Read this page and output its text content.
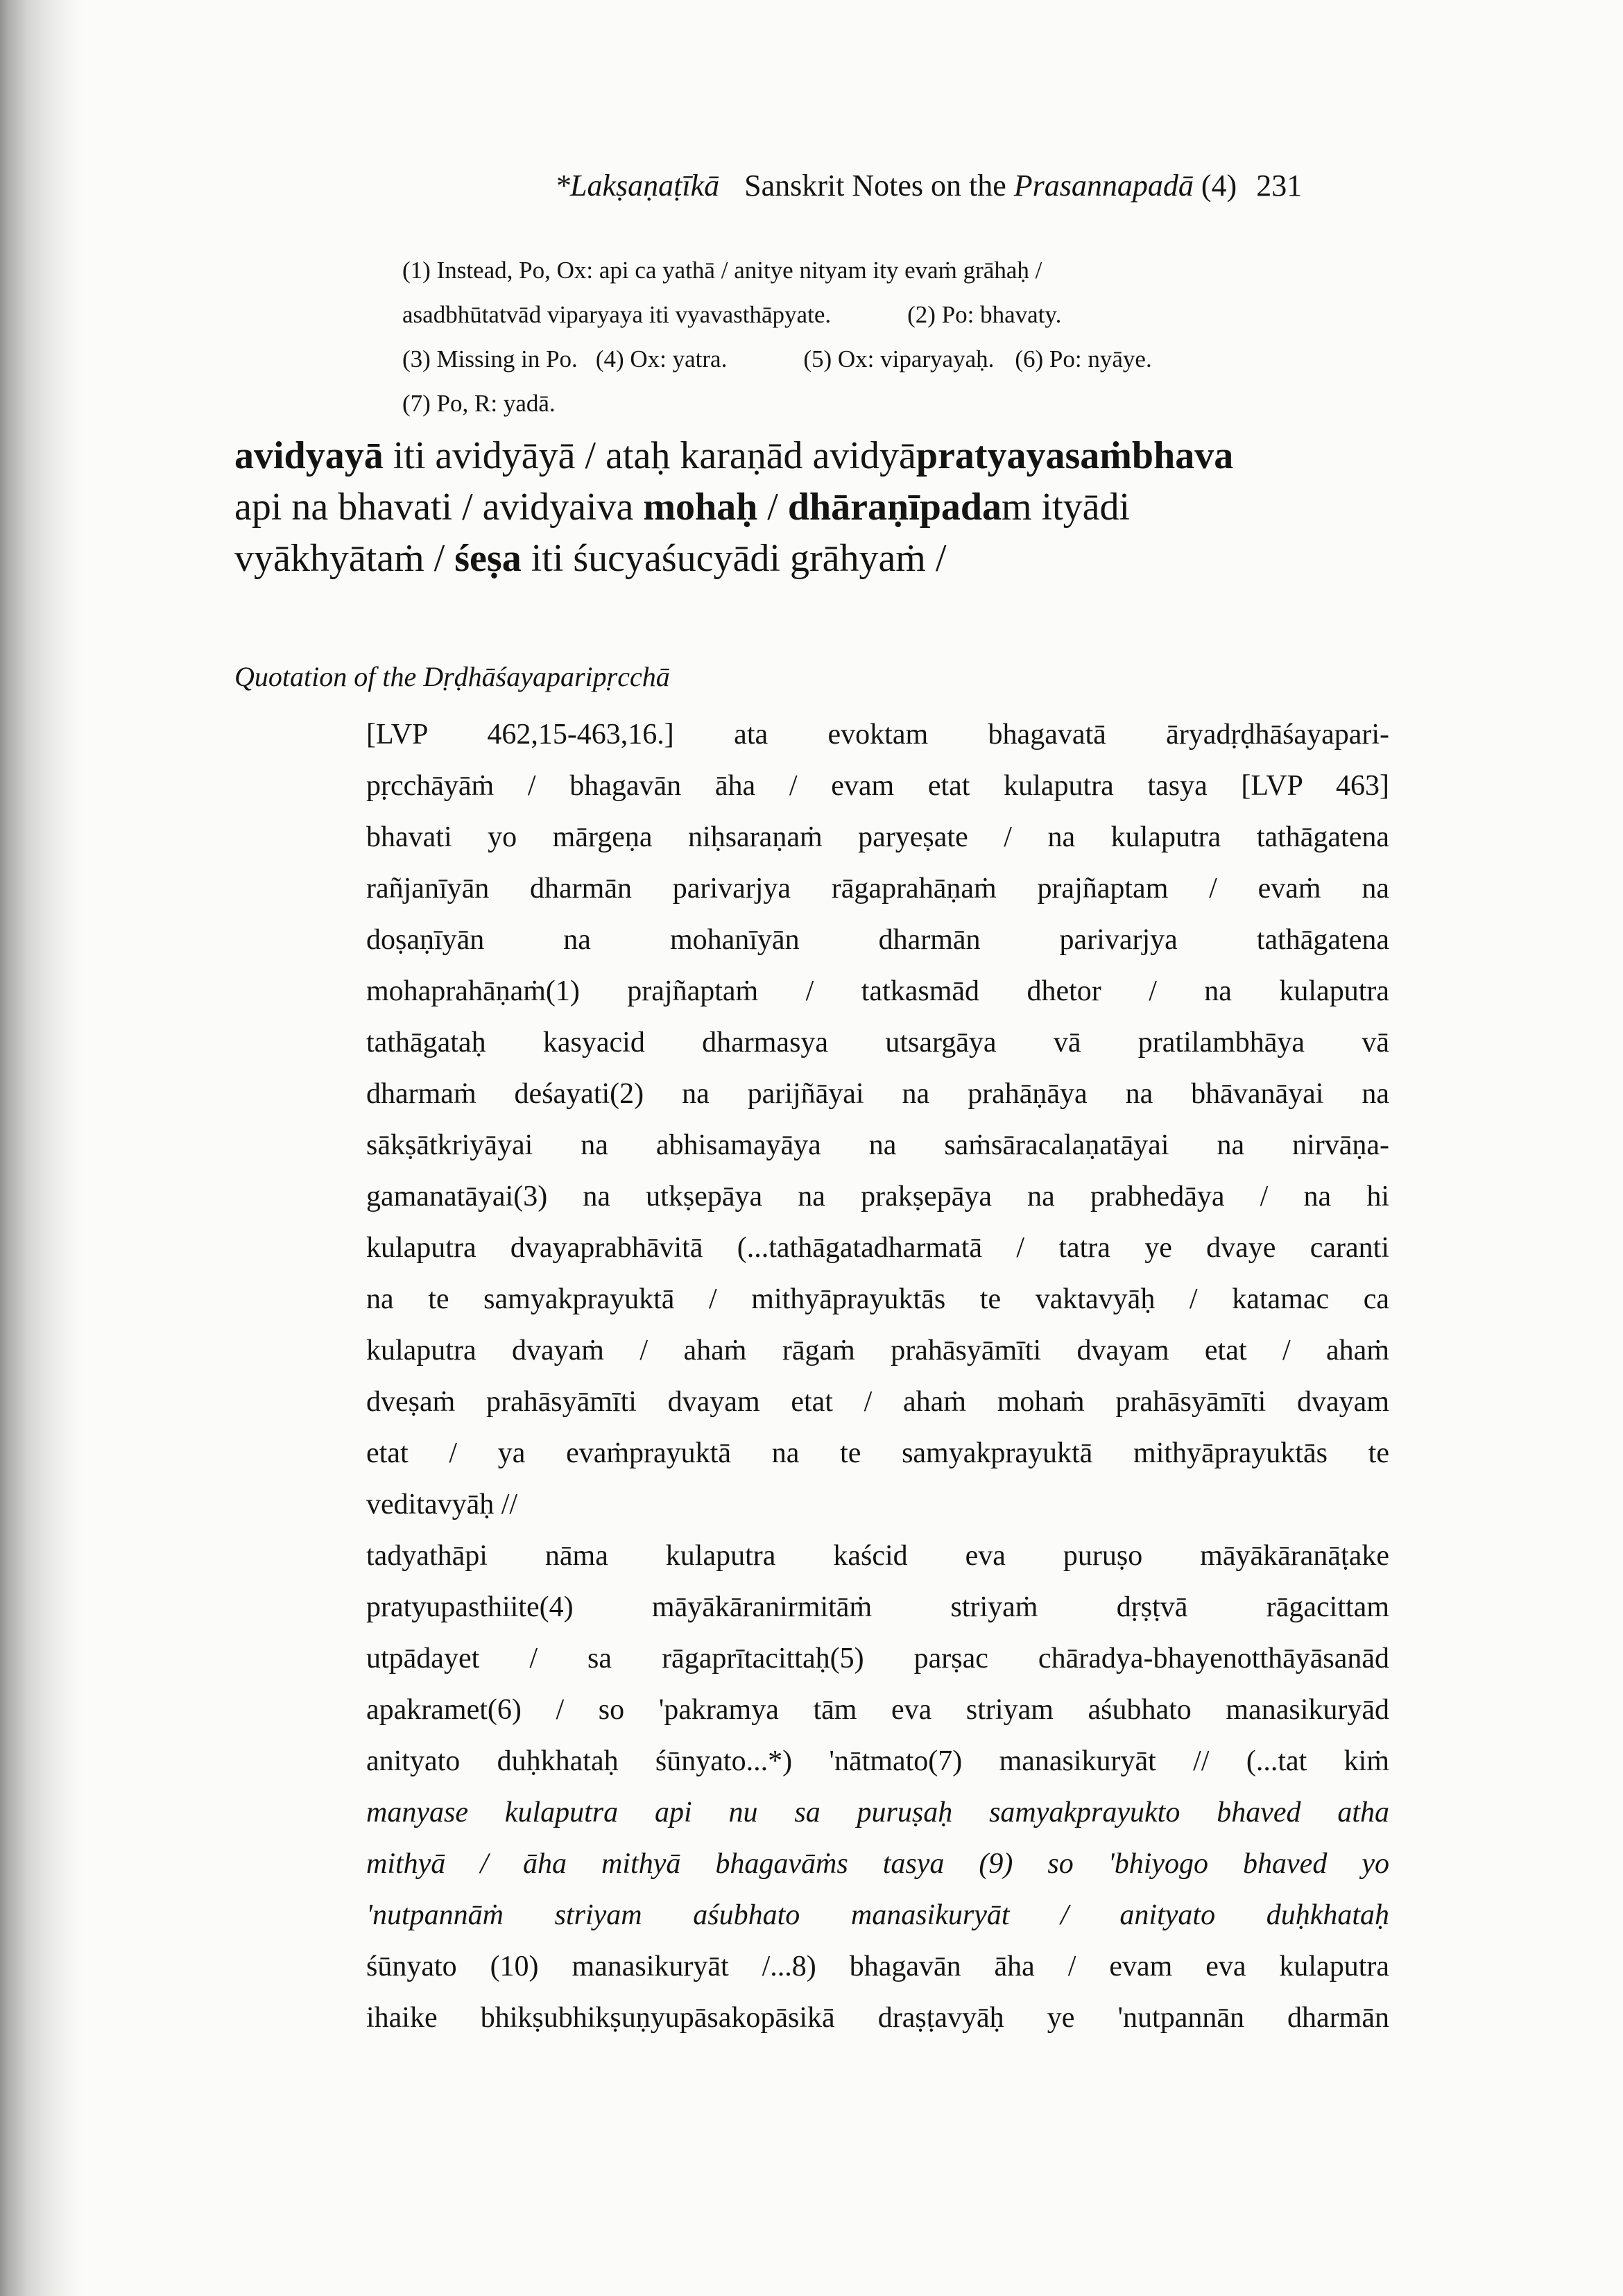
*Lakṣaṇaṭīkā Sanskrit Notes on the Prasannapadā (4) 231
(1) Instead, Po, Ox: api ca yathā / anitye nityam ity evaṁ grāhaḥ /
asadbhūtatvād viparyaya iti vyavasthāpyate.	(2) Po: bhavaty.
(3) Missing in Po. (4) Ox: yatra.	(5) Ox: viparyayaḥ. (6) Po: nyāye.
(7) Po, R: yadā.
avidyayā iti avidyāyā / ataḥ karaṇād avidyāpratyayasaṁbhava
api na bhavati / avidyaiva mohaḥ / dhāraṇīpadam ityādi
vyākhyātaṁ / śeṣa iti śucyaśucyādi grāhyaṁ /
Quotation of the Dṛḍhāśayaparipṛcchā
[LVP 462,15-463,16.] ata evoktam bhagavatā āryadṛḍhāśayapari-
pṛcchāyāṁ / bhagavān āha / evam etat kulaputra tasya [LVP 463]
bhavati yo mārgeṇa niḥsaraṇaṁ paryeṣate / na kulaputra tathāgatena
rañjanīyān dharmān parivarjya rāgaprahāṇaṁ prajñaptam / evaṁ na
doṣaṇīyān na mohanīyān dharmān parivarjya tathāgatena
mohaprahāṇaṁ(1) prajñaptaṁ / tatkasmād dhetor / na kulaputra
tathāgataḥ kasyacid dharmasya utsargāya vā pratilambhāya vā
dharmaṁ deśayati(2) na parijñāyai na prahāṇāya na bhāvanāyai na
sākṣātkriyāyai na abhisamayāya na saṁsāracalaṇatāyai na nirvāṇa-
gamanatāyai(3) na utkṣepāya na prakṣepāya na prabhedāya / na hi
kulaputra dvayaprabhāvitā (...tathāgatadharmatā / tatra ye dvaye caranti
na te samyakprayuktā / mithyāprayuktās te vaktavyāḥ / katamac ca
kulaputra dvayaṁ / ahaṁ rāgaṁ prahāsyāmīti dvayam etat / ahaṁ
dveṣaṁ prahāsyāmīti dvayam etat / ahaṁ mohaṁ prahāsyāmīti dvayam
etat / ya evaṁprayuktā na te samyakprayuktā mithyāprayuktās te
veditavyāḥ //
tadyathāpi nāma kulaputra kaścid eva puruṣo māyākāranāṭake
pratyupasthiite(4) māyākāranirmitāṁ striyaṁ dṛṣṭvā rāgacittam
utpādayet / sa rāgaprītacittaḥ(5) parṣac chāradya-bhayenotthāyāsanād
apakramet(6) / so 'pakramya tām eva striyam aśubhato manasikuryād
anityato duḥkhataḥ śūnyato...*) 'nātmato(7) manasikuryāt // (...tat kiṁ
manyase kulaputra api nu sa puruṣaḥ samyakprayukto bhaved atha
mithyā / āha mithyā bhagavāṁs tasya (9) so 'bhiyogo bhaved yo
'nutpannāṁ striyam aśubhato manasikuryāt / anityato duḥkhataḥ
śūnyato (10) manasikuryāt /...8) bhagavān āha / evam eva kulaputra
ihaike bhikṣubhikṣuṇyupāsakopāsikā draṣṭavyāḥ ye 'nutpannān dharmān
